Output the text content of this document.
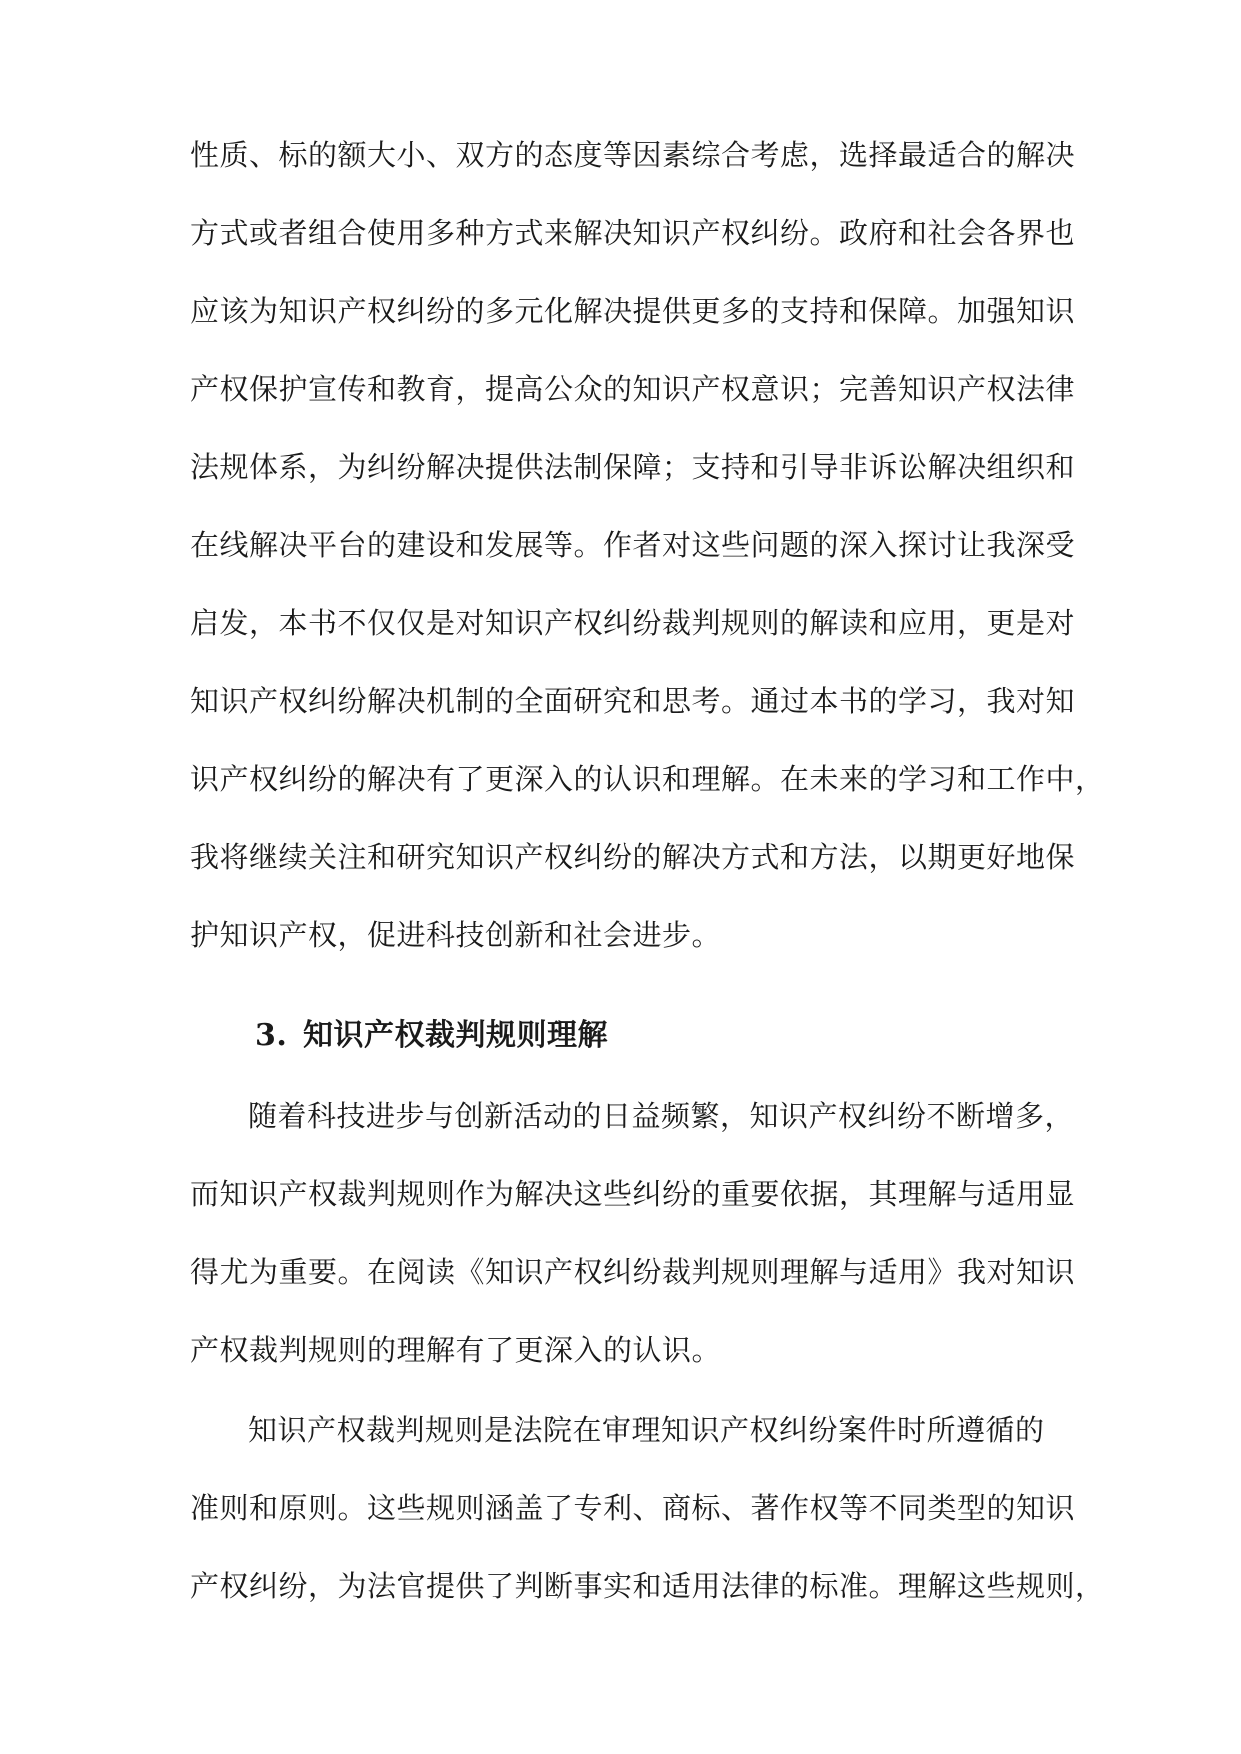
性质、标的额大小、双方的态度等因素综合考虑，选择最适合的解决
方式或者组合使用多种方式来解决知识产权纠纷。政府和社会各界也
应该为知识产权纠纷的多元化解决提供更多的支持和保障。加强知识
产权保护宣传和教育，提高公众的知识产权意识；完善知识产权法律
法规体系，为纠纷解决提供法制保障；支持和引导非诉讼解决组织和
在线解决平台的建设和发展等。作者对这些问题的深入探讨让我深受
启发，本书不仅仅是对知识产权纠纷裁判规则的解读和应用，更是对
知识产权纠纷解决机制的全面研究和思考。通过本书的学习，我对知
识产权纠纷的解决有了更深入的认识和理解。在未来的学习和工作中，
我将继续关注和研究知识产权纠纷的解决方式和方法，以期更好地保
护知识产权，促进科技创新和社会进步。
3. 知识产权裁判规则理解
随着科技进步与创新活动的日益频繁，知识产权纠纷不断增多，
而知识产权裁判规则作为解决这些纠纷的重要依据，其理解与适用显
得尤为重要。在阅读《知识产权纠纷裁判规则理解与适用》我对知识
产权裁判规则的理解有了更深入的认识。
知识产权裁判规则是法院在审理知识产权纠纷案件时所遵循的
准则和原则。这些规则涵盖了专利、商标、著作权等不同类型的知识
产权纠纷，为法官提供了判断事实和适用法律的标准。理解这些规则，
